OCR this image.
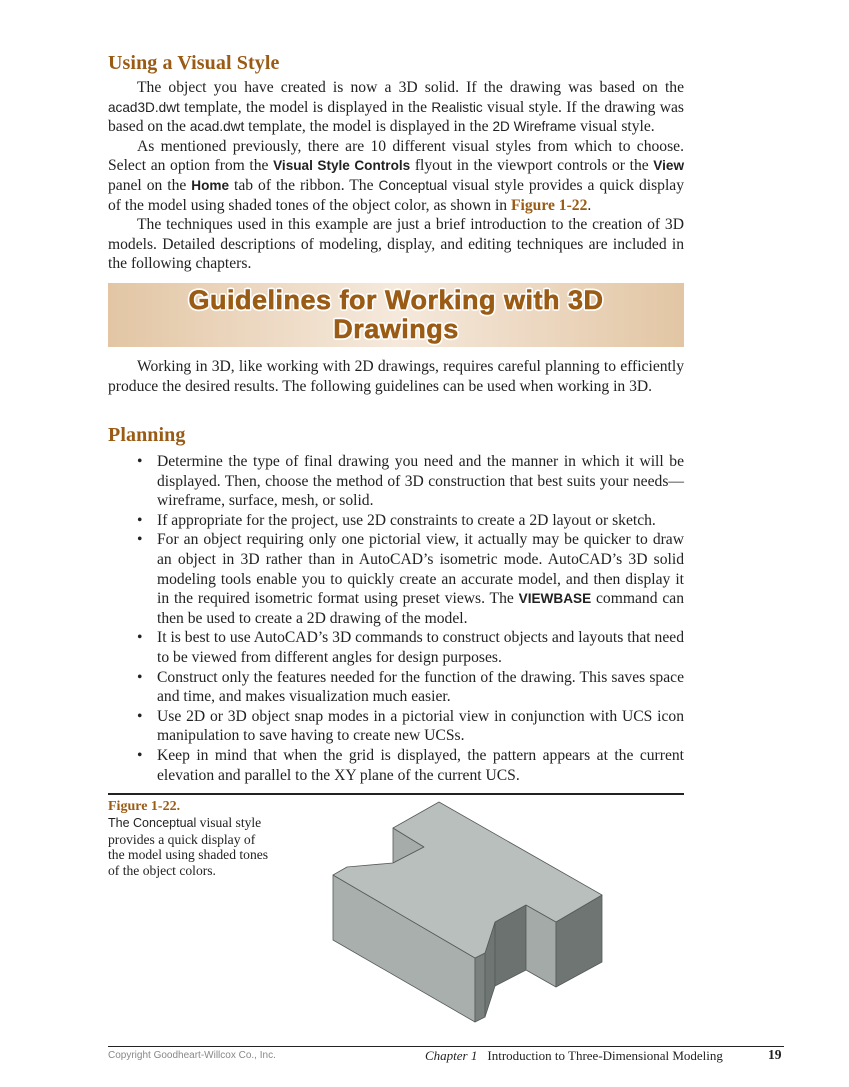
Using a Visual Style

The object you have created is now a 3D solid. If the drawing was based on the acad3D.dwt template, the model is displayed in the Realistic visual style. If the drawing was based on the acad.dwt template, the model is displayed in the 2D Wireframe visual style.

As mentioned previously, there are 10 different visual styles from which to choose. Select an option from the Visual Style Controls flyout in the viewport controls or the View panel on the Home tab of the ribbon. The Conceptual visual style provides a quick display of the model using shaded tones of the object color, as shown in Figure 1-22.

The techniques used in this example are just a brief introduction to the creation of 3D models. Detailed descriptions of modeling, display, and editing techniques are included in the following chapters.

Guidelines for Working with 3D
Drawings

Working in 3D, like working with 2D drawings, requires careful planning to efficiently produce the desired results. The following guidelines can be used when working in 3D.

Planning
• Determine the type of final drawing you need and the manner in which it will be displayed. Then, choose the method of 3D construction that best suits your needs—wireframe, surface, mesh, or solid.
• If appropriate for the project, use 2D constraints to create a 2D layout or sketch.
• For an object requiring only one pictorial view, it actually may be quicker to draw an object in 3D rather than in AutoCAD’s isometric mode. AutoCAD’s 3D solid modeling tools enable you to quickly create an accurate model, and then display it in the required isometric format using preset views. The VIEWBASE command can then be used to create a 2D drawing of the model.
• It is best to use AutoCAD’s 3D commands to construct objects and layouts that need to be viewed from different angles for design purposes.
• Construct only the features needed for the function of the drawing. This saves space and time, and makes visualization much easier.
• Use 2D or 3D object snap modes in a pictorial view in conjunction with UCS icon manipulation to save having to create new UCSs.
• Keep in mind that when the grid is displayed, the pattern appears at the current elevation and parallel to the XY plane of the current UCS.
Figure 1-22.
The Conceptual visual style provides a quick display of the model using shaded tones of the object colors.
Copyright Goodheart-Willcox Co., Inc.	Chapter 1 Introduction to Three-Dimensional Modeling	19
